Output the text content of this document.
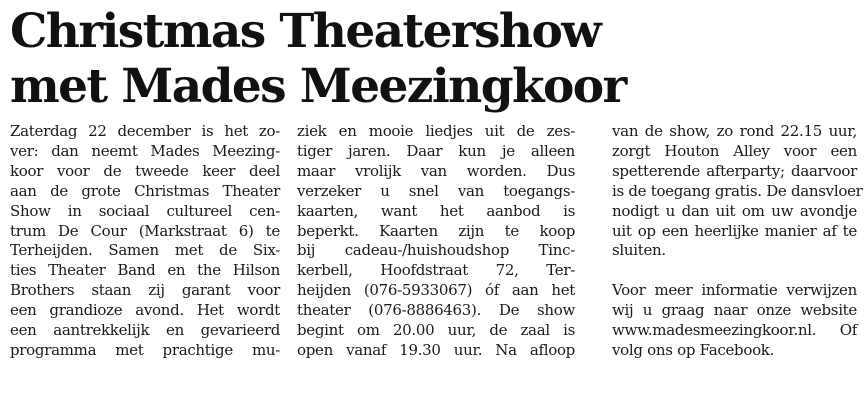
Christmas Theatershow
met Mades Meezingkoor
Zaterdag 22 december is het zo-
ver: dan neemt Mades Meezing-
koor voor de tweede keer deel
aan de grote Christmas Theater
Show in sociaal cultureel cen-
trum De Cour (Markstraat 6) te
Terheijden. Samen met de Six-
ties Theater Band en the Hilson
Brothers staan zij garant voor
een grandioze avond. Het wordt
een aantrekkelijk en gevarieerd
programma met prachtige mu-
ziek en mooie liedjes uit de zes-
tiger jaren. Daar kun je alleen
maar vrolijk van worden. Dus
verzeker u snel van toegangs-
kaarten, want het aanbod is
beperkt. Kaarten zijn te koop
bij cadeau-/huishoudshop Tinc-
kerbell, Hoofdstraat 72, Ter-
heijden (076-5933067) óf aan het
theater (076-8886463). De show
begint om 20.00 uur, de zaal is
open vanaf 19.30 uur. Na afloop
van de show, zo rond 22.15 uur,
zorgt Houton Alley voor een
spetterende afterparty; daarvoor
is de toegang gratis. De dansvloer
nodigt u dan uit om uw avondje
uit op een heerlijke manier af te
sluiten.
Voor meer informatie verwijzen
wij u graag naar onze website
www.madesmeezingkoor.nl. Of
volg ons op Facebook.
